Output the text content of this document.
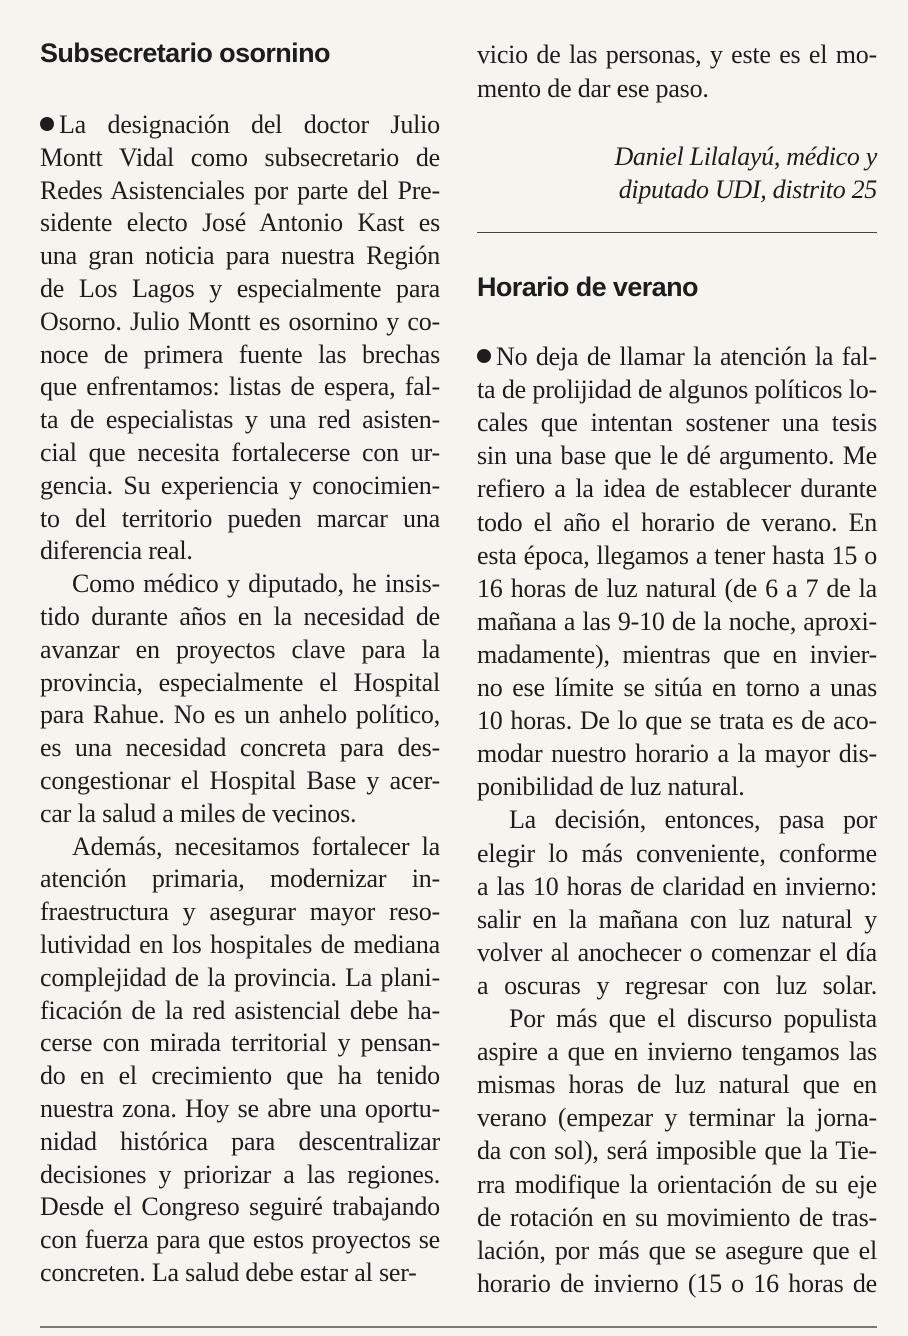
Subsecretario osornino
La designación del doctor Julio
Montt Vidal como subsecretario de
Redes Asistenciales por parte del Pre-
sidente electo José Antonio Kast es
una gran noticia para nuestra Región
de Los Lagos y especialmente para
Osorno. Julio Montt es osornino y co-
noce de primera fuente las brechas
que enfrentamos: listas de espera, fal-
ta de especialistas y una red asisten-
cial que necesita fortalecerse con ur-
gencia. Su experiencia y conocimien-
to del territorio pueden marcar una
diferencia real.
Como médico y diputado, he insis-
tido durante años en la necesidad de
avanzar en proyectos clave para la
provincia, especialmente el Hospital
para Rahue. No es un anhelo político,
es una necesidad concreta para des-
congestionar el Hospital Base y acer-
car la salud a miles de vecinos.
Además, necesitamos fortalecer la
atención primaria, modernizar in-
fraestructura y asegurar mayor reso-
lutividad en los hospitales de mediana
complejidad de la provincia. La plani-
ficación de la red asistencial debe ha-
cerse con mirada territorial y pensan-
do en el crecimiento que ha tenido
nuestra zona. Hoy se abre una oportu-
nidad histórica para descentralizar
decisiones y priorizar a las regiones.
Desde el Congreso seguiré trabajando
con fuerza para que estos proyectos se
concreten. La salud debe estar al ser-
vicio de las personas, y este es el mo-
mento de dar ese paso.
Daniel Lilalayú, médico y
diputado UDI, distrito 25
Horario de verano
No deja de llamar la atención la fal-
ta de prolijidad de algunos políticos lo-
cales que intentan sostener una tesis
sin una base que le dé argumento. Me
refiero a la idea de establecer durante
todo el año el horario de verano. En
esta época, llegamos a tener hasta 15 o
16 horas de luz natural (de 6 a 7 de la
mañana a las 9-10 de la noche, aproxi-
madamente), mientras que en invier-
no ese límite se sitúa en torno a unas
10 horas. De lo que se trata es de aco-
modar nuestro horario a la mayor dis-
ponibilidad de luz natural.
La decisión, entonces, pasa por
elegir lo más conveniente, conforme
a las 10 horas de claridad en invierno:
salir en la mañana con luz natural y
volver al anochecer o comenzar el día
a oscuras y regresar con luz solar.
Por más que el discurso populista
aspire a que en invierno tengamos las
mismas horas de luz natural que en
verano (empezar y terminar la jorna-
da con sol), será imposible que la Tie-
rra modifique la orientación de su eje
de rotación en su movimiento de tras-
lación, por más que se asegure que el
horario de invierno (15 o 16 horas de
